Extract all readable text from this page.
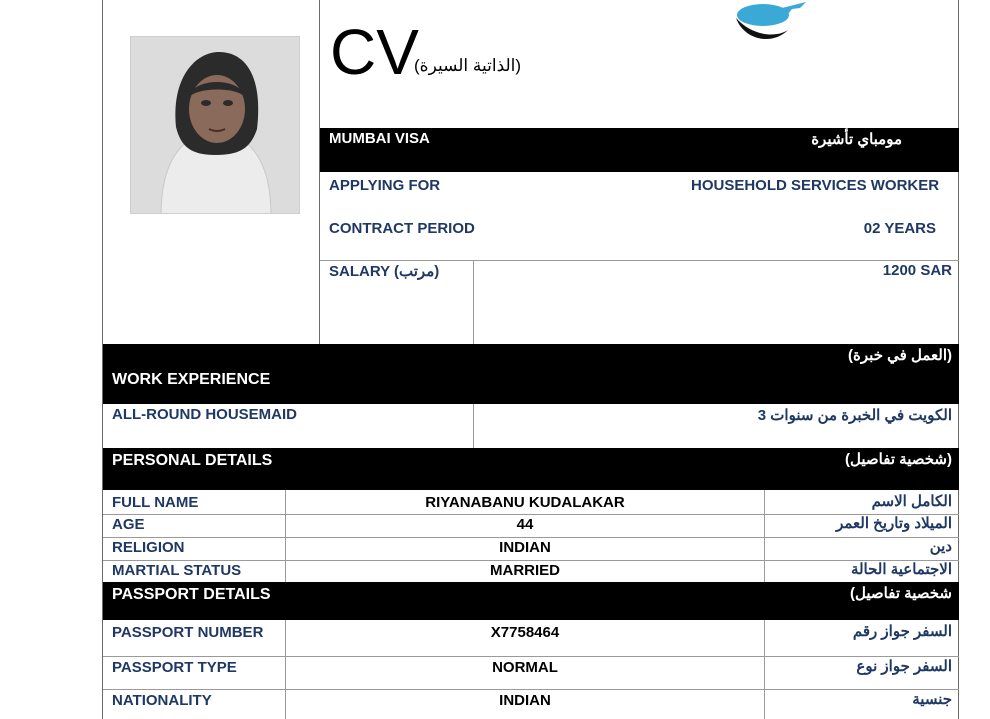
CV
(الذاتية السيرة)
MUMBAI VISA	مومباي تأشيرة
APPLYING FOR	HOUSEHOLD SERVICES WORKER
CONTRACT PERIOD	02 YEARS
SALARY (مرتب)	1200 SAR
(العمل في خبرة)
WORK EXPERIENCE
ALL-ROUND HOUSEMAID	الكويت في الخبرة من سنوات 3
PERSONAL DETAILS	(شخصية تفاصيل)
FULL NAME	RIYANABANU KUDALAKAR	الكامل الاسم
AGE	44	الميلاد وتاريخ العمر
RELIGION	INDIAN	دين
MARTIAL STATUS	MARRIED	الاجتماعية الحالة
PASSPORT DETAILS	شخصية تفاصيل)
PASSPORT NUMBER	X7758464	السفر جواز رقم
PASSPORT TYPE	NORMAL	السفر جواز نوع
NATIONALITY	INDIAN	جنسية
